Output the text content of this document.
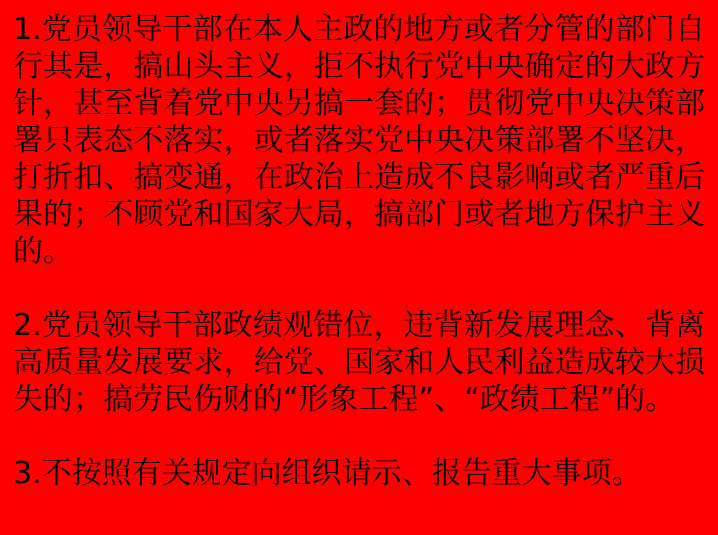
1.党员领导干部在本人主政的地方或者分管的部门自行其是，搞山头主义，拒不执行党中央确定的大政方针，甚至背着党中央另搞一套的；贯彻党中央决策部署只表态不落实，或者落实党中央决策部署不坚决，打折扣、搞变通，在政治上造成不良影响或者严重后果的；不顾党和国家大局，搞部门或者地方保护主义的。

2.党员领导干部政绩观错位，违背新发展理念、背离高质量发展要求，给党、国家和人民利益造成较大损失的；搞劳民伤财的“形象工程”、“政绩工程”的。

3.不按照有关规定向组织请示、报告重大事项。
